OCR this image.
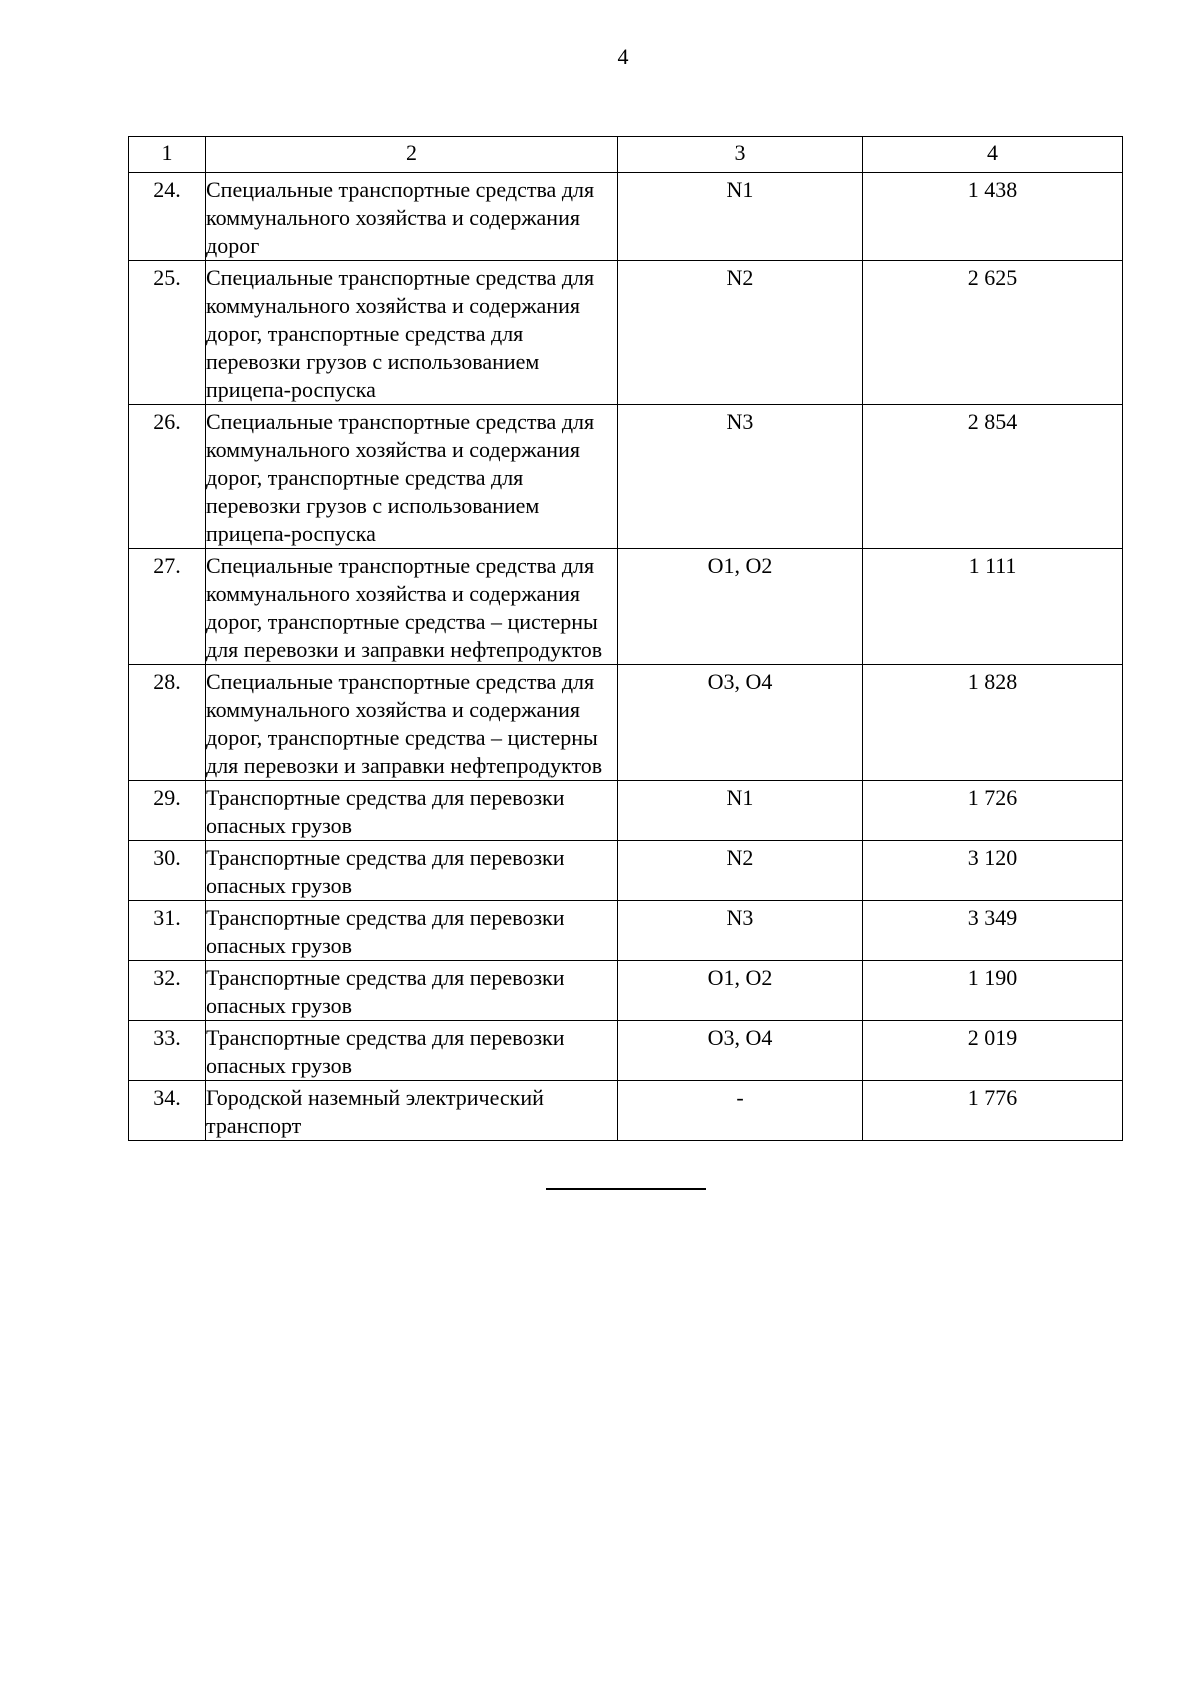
4
1	2	3	4
24.	Специальные транспортные средства для коммунального хозяйства и содержания дорог	N1	1 438
25.	Специальные транспортные средства для коммунального хозяйства и содержания дорог, транспортные средства для перевозки грузов с использованием прицепа-роспуска	N2	2 625
26.	Специальные транспортные средства для коммунального хозяйства и содержания дорог, транспортные средства для перевозки грузов с использованием прицепа-роспуска	N3	2 854
27.	Специальные транспортные средства для коммунального хозяйства и содержания дорог, транспортные средства – цистерны для перевозки и заправки нефтепродуктов	O1, O2	1 111
28.	Специальные транспортные средства для коммунального хозяйства и содержания дорог, транспортные средства – цистерны для перевозки и заправки нефтепродуктов	O3, O4	1 828
29.	Транспортные средства для перевозки опасных грузов	N1	1 726
30.	Транспортные средства для перевозки опасных грузов	N2	3 120
31.	Транспортные средства для перевозки опасных грузов	N3	3 349
32.	Транспортные средства для перевозки опасных грузов	O1, O2	1 190
33.	Транспортные средства для перевозки опасных грузов	O3, O4	2 019
34.	Городской наземный электрический транспорт	-	1 776
